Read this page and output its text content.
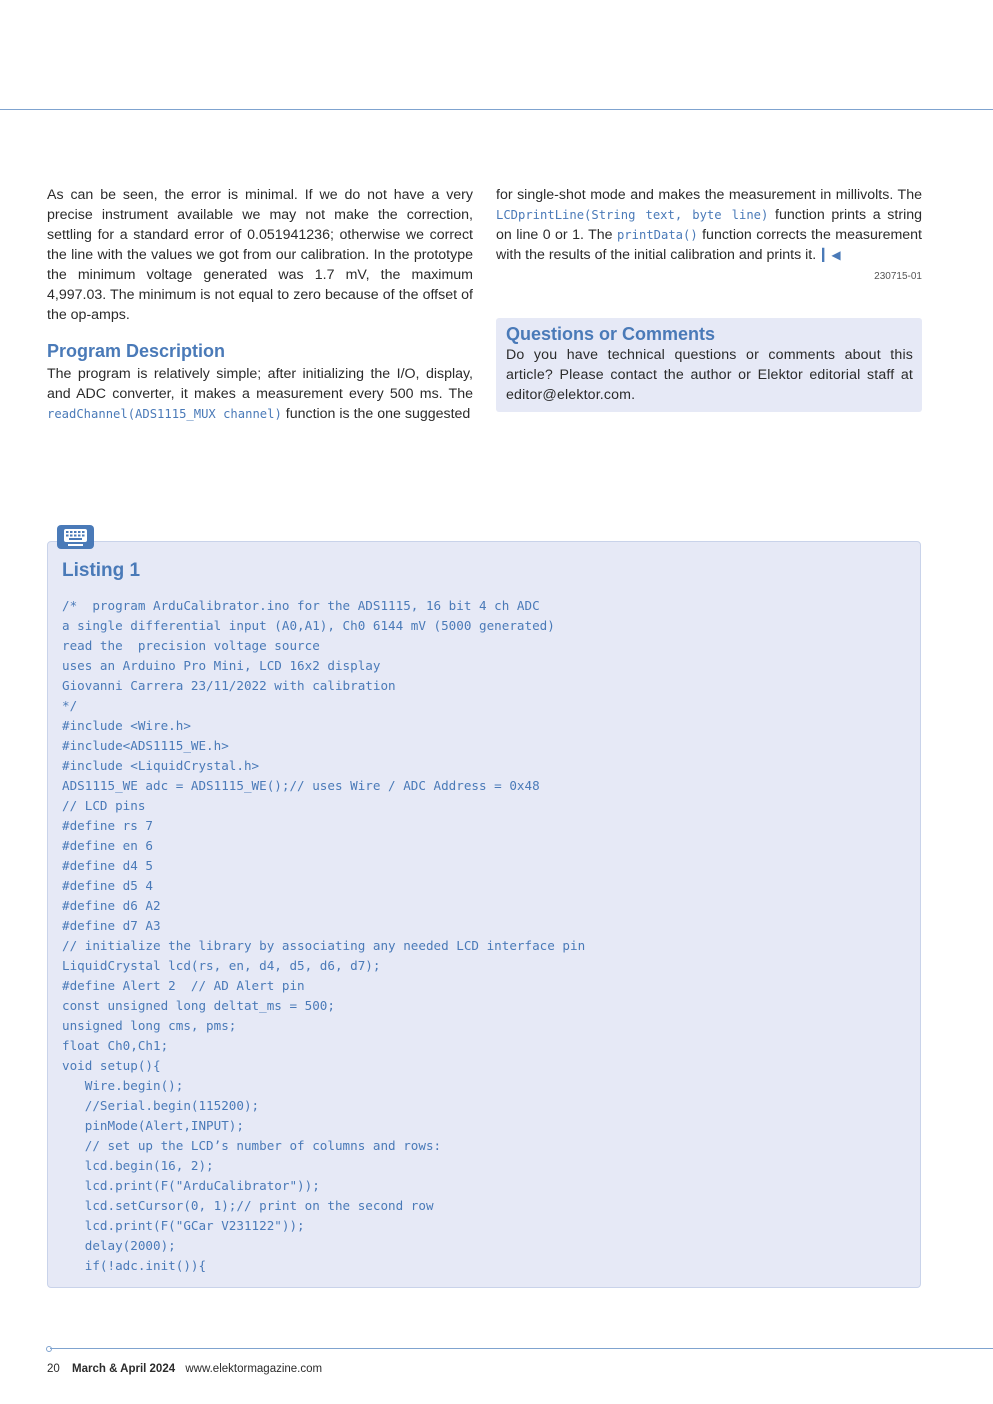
As can be seen, the error is minimal. If we do not have a very precise instrument available we may not make the correction, settling for a standard error of 0.051941236; otherwise we correct the line with the values we got from our calibration. In the prototype the minimum voltage generated was 1.7 mV, the maximum 4,997.03. The minimum is not equal to zero because of the offset of the op-amps.

Program Description

The program is relatively simple; after initializing the I/O, display, and ADC converter, it makes a measurement every 500 ms. The readChannel(ADS1115_MUX channel) function is the one suggested

for single-shot mode and makes the measurement in millivolts. The LCDprintLine(String text, byte line) function prints a string on line 0 or 1. The printData() function corrects the measurement with the results of the initial calibration and prints it. ▎◀

230715-01
Questions or Comments

Do you have technical questions or comments about this article? Please contact the author or Elektor editorial staff at editor@elektor.com.

Listing 1
/*  program ArduCalibrator.ino for the ADS1115, 16 bit 4 ch ADC
a single differential input (A0,A1), Ch0 6144 mV (5000 generated)
read the  precision voltage source
uses an Arduino Pro Mini, LCD 16x2 display
Giovanni Carrera 23/11/2022 with calibration
*/
#include <Wire.h>
#include<ADS1115_WE.h>
#include <LiquidCrystal.h>
ADS1115_WE adc = ADS1115_WE();// uses Wire / ADC Address = 0x48
// LCD pins
#define rs 7
#define en 6
#define d4 5
#define d5 4
#define d6 A2
#define d7 A3
// initialize the library by associating any needed LCD interface pin
LiquidCrystal lcd(rs, en, d4, d5, d6, d7);
#define Alert 2  // AD Alert pin
const unsigned long deltat_ms = 500;
unsigned long cms, pms;
float Ch0,Ch1;
void setup(){
Wire.begin();
//Serial.begin(115200);
pinMode(Alert,INPUT);
// set up the LCD’s number of columns and rows:
lcd.begin(16, 2);
lcd.print(F("ArduCalibrator"));
lcd.setCursor(0, 1);// print on the second row
lcd.print(F("GCar V231122"));
delay(2000);
if(!adc.init()){
20 March & April 2024 www.elektormagazine.com
